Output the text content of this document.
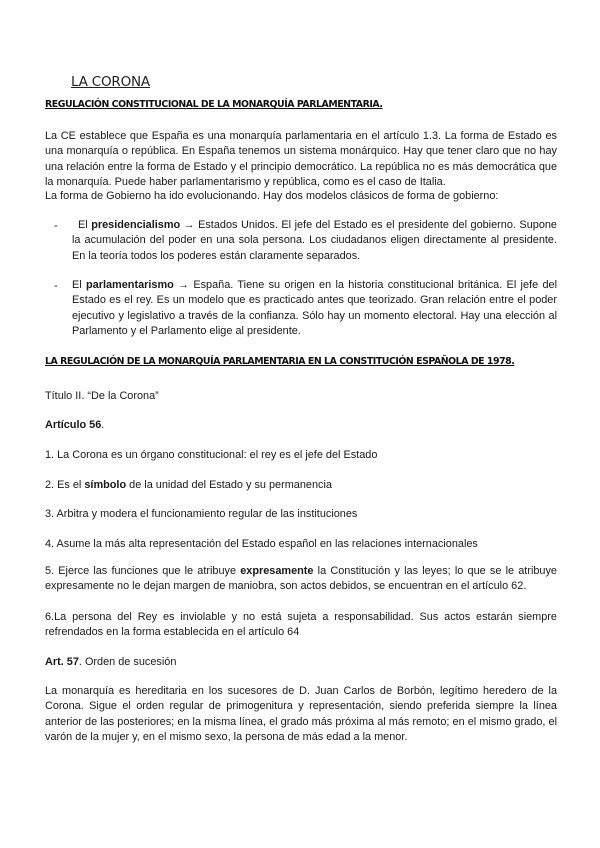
LA CORONA
REGULACIÓN CONSTITUCIONAL DE LA MONARQUÍA PARLAMENTARIA.
La CE establece que España es una monarquía parlamentaria en el artículo 1.3. La forma de Estado es una monarquía o república. En España tenemos un sistema monárquico. Hay que tener claro que no hay una relación entre la forma de Estado y el principio democrático. La república no es más democrática que la monarquía. Puede haber parlamentarismo y república, como es el caso de Italia.
La forma de Gobierno ha ido evolucionando. Hay dos modelos clásicos de forma de gobierno:
-	El presidencialismo → Estados Unidos. El jefe del Estado es el presidente del gobierno. Supone la acumulación del poder en una sola persona. Los ciudadanos eligen directamente al presidente. En la teoría todos los poderes están claramente separados.
- El parlamentarismo → España. Tiene su origen en la historia constitucional británica. El jefe del Estado es el rey. Es un modelo que es practicado antes que teorizado. Gran relación entre el poder ejecutivo y legislativo a través de la confianza. Sólo hay un momento electoral. Hay una elección al Parlamento y el Parlamento elige al presidente.
LA REGULACIÓN DE LA MONARQUÍA PARLAMENTARIA EN LA CONSTITUCIÓN ESPAÑOLA DE 1978.
Título II. “De la Corona”
Artículo 56.
1. La Corona es un órgano constitucional: el rey es el jefe del Estado
2. Es el símbolo de la unidad del Estado y su permanencia
3. Arbitra y modera el funcionamiento regular de las instituciones
4. Asume la más alta representación del Estado español en las relaciones internacionales
5. Ejerce las funciones que le atribuye expresamente la Constitución y las leyes; lo que se le atribuye expresamente no le dejan margen de maniobra, son actos debidos, se encuentran en el artículo 62.
6.La persona del Rey es inviolable y no está sujeta a responsabilidad. Sus actos estarán siempre refrendados en la forma establecida en el artículo 64
Art. 57. Orden de sucesión
La monarquía es hereditaria en los sucesores de D. Juan Carlos de Borbón, legítimo heredero de la Corona. Sigue el orden regular de primogenitura y representación, siendo preferida siempre la línea anterior de las posteriores; en la misma línea, el grado más próxima al más remoto; en el mismo grado, el varón de la mujer y, en el mismo sexo, la persona de más edad a la menor.
